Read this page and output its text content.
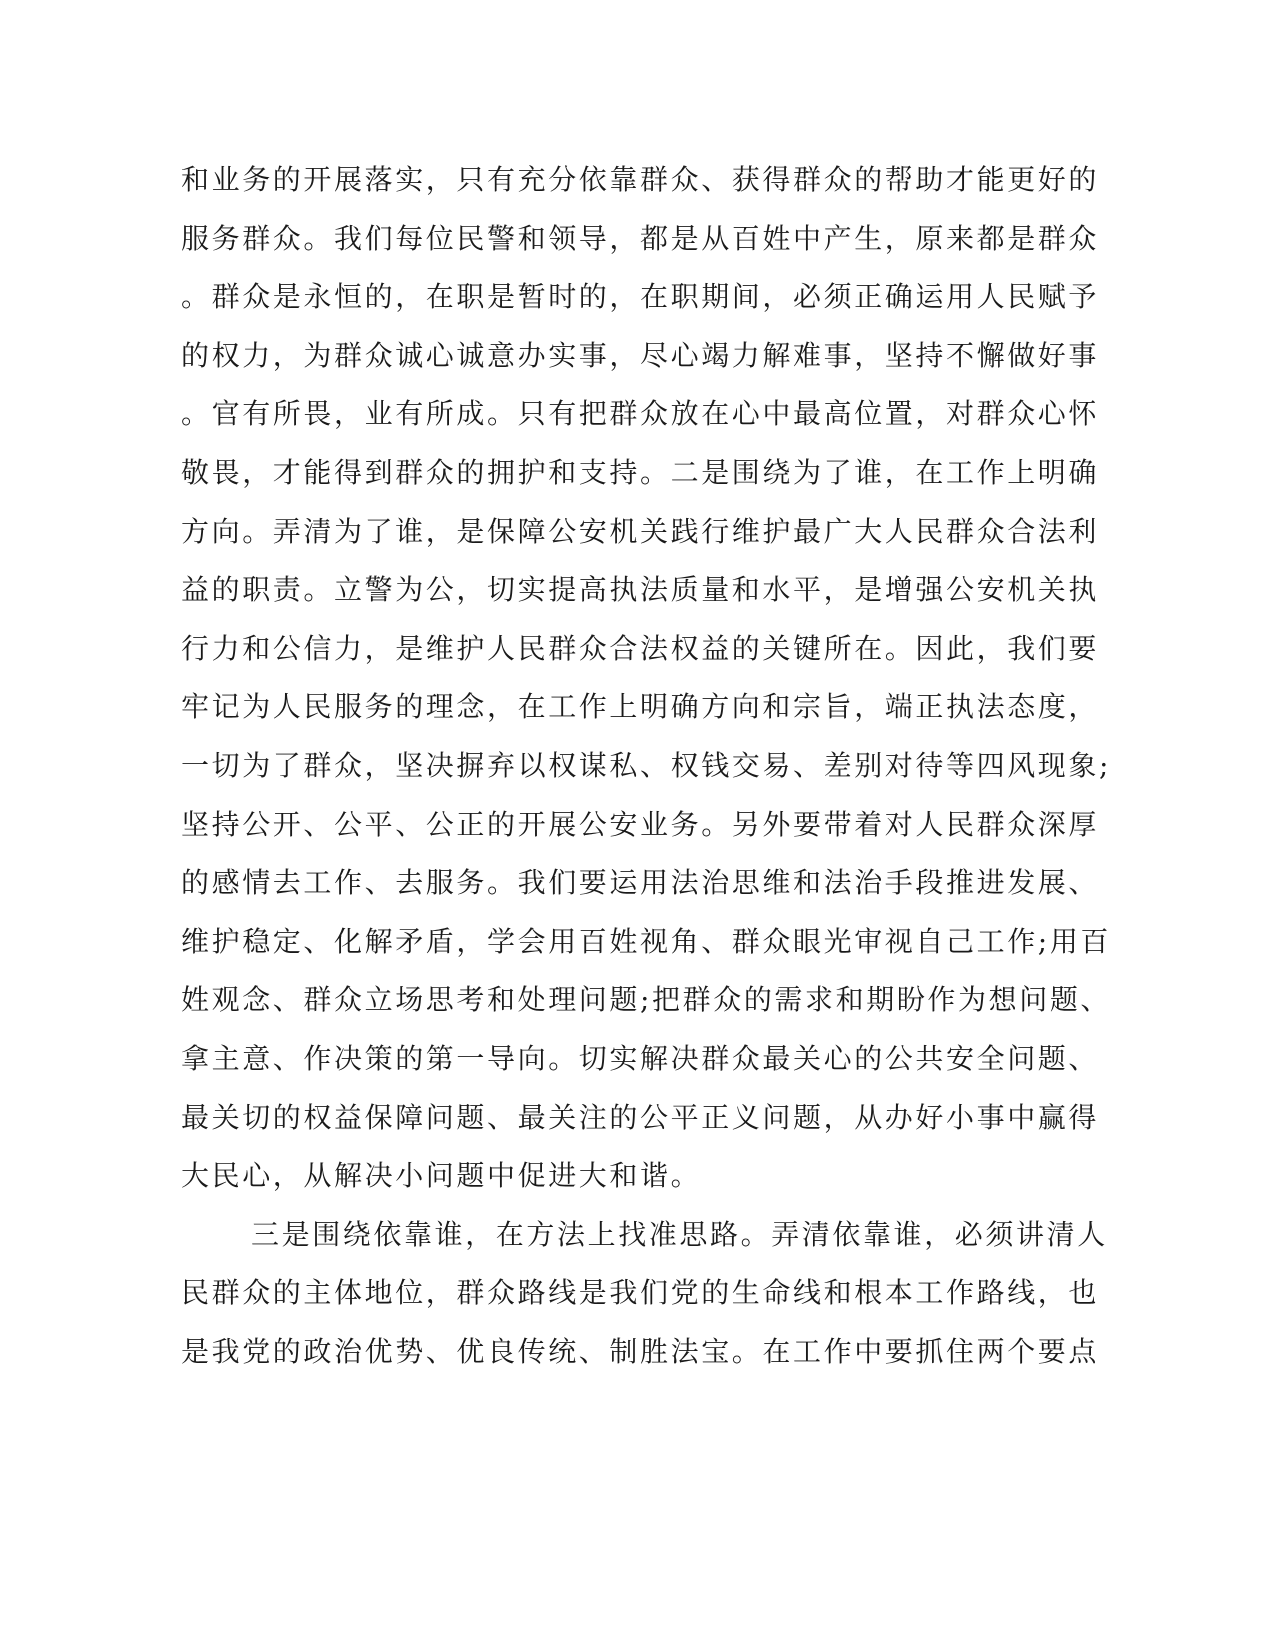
和业务的开展落实，只有充分依靠群众、获得群众的帮助才能更好的
服务群众。我们每位民警和领导，都是从百姓中产生，原来都是群众
。群众是永恒的，在职是暂时的，在职期间，必须正确运用人民赋予
的权力，为群众诚心诚意办实事，尽心竭力解难事，坚持不懈做好事
。官有所畏，业有所成。只有把群众放在心中最高位置，对群众心怀
敬畏，才能得到群众的拥护和支持。二是围绕为了谁，在工作上明确
方向。弄清为了谁，是保障公安机关践行维护最广大人民群众合法利
益的职责。立警为公，切实提高执法质量和水平，是增强公安机关执
行力和公信力，是维护人民群众合法权益的关键所在。因此，我们要
牢记为人民服务的理念，在工作上明确方向和宗旨，端正执法态度，
一切为了群众，坚决摒弃以权谋私、权钱交易、差别对待等四风现象;
坚持公开、公平、公正的开展公安业务。另外要带着对人民群众深厚
的感情去工作、去服务。我们要运用法治思维和法治手段推进发展、
维护稳定、化解矛盾，学会用百姓视角、群众眼光审视自己工作;用百
姓观念、群众立场思考和处理问题;把群众的需求和期盼作为想问题、
拿主意、作决策的第一导向。切实解决群众最关心的公共安全问题、
最关切的权益保障问题、最关注的公平正义问题，从办好小事中赢得
大民心，从解决小问题中促进大和谐。
三是围绕依靠谁，在方法上找准思路。弄清依靠谁，必须讲清人
民群众的主体地位，群众路线是我们党的生命线和根本工作路线，也
是我党的政治优势、优良传统、制胜法宝。在工作中要抓住两个要点
